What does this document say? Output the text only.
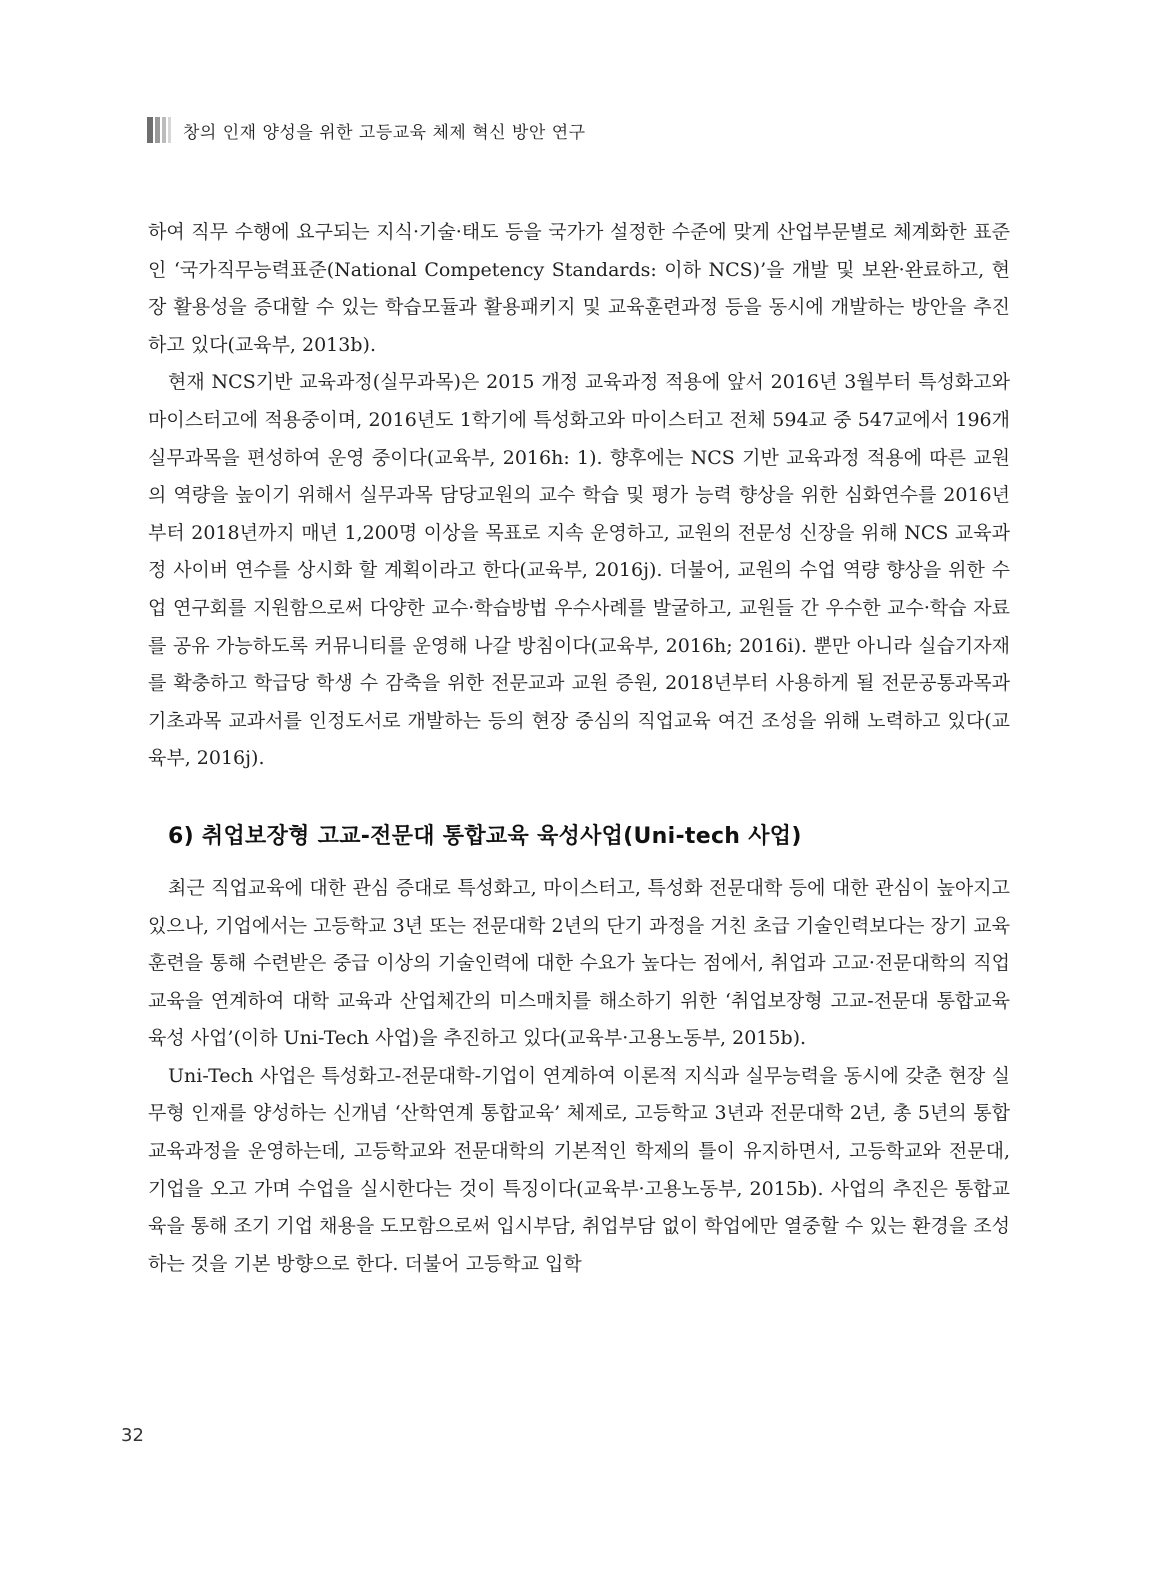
창의 인재 양성을 위한 고등교육 체제 혁신 방안 연구

하여 직무 수행에 요구되는 지식·기술·태도 등을 국가가 설정한 수준에 맞게 산업부문별로 체계화한 표준인 ‘국가직무능력표준(National Competency Standards: 이하 NCS)’을 개발 및 보완·완료하고, 현장 활용성을 증대할 수 있는 학습모듈과 활용패키지 및 교육훈련과정 등을 동시에 개발하는 방안을 추진하고 있다(교육부, 2013b).

현재 NCS기반 교육과정(실무과목)은 2015 개정 교육과정 적용에 앞서 2016년 3월부터 특성화고와 마이스터고에 적용중이며, 2016년도 1학기에 특성화고와 마이스터고 전체 594교 중 547교에서 196개 실무과목을 편성하여 운영 중이다(교육부, 2016h: 1). 향후에는 NCS 기반 교육과정 적용에 따른 교원의 역량을 높이기 위해서 실무과목 담당교원의 교수 학습 및 평가 능력 향상을 위한 심화연수를 2016년부터 2018년까지 매년 1,200명 이상을 목표로 지속 운영하고, 교원의 전문성 신장을 위해 NCS 교육과정 사이버 연수를 상시화 할 계획이라고 한다(교육부, 2016j). 더불어, 교원의 수업 역량 향상을 위한 수업 연구회를 지원함으로써 다양한 교수·학습방법 우수사례를 발굴하고, 교원들 간 우수한 교수·학습 자료를 공유 가능하도록 커뮤니티를 운영해 나갈 방침이다(교육부, 2016h; 2016i). 뿐만 아니라 실습기자재를 확충하고 학급당 학생 수 감축을 위한 전문교과 교원 증원, 2018년부터 사용하게 될 전문공통과목과 기초과목 교과서를 인정도서로 개발하는 등의 현장 중심의 직업교육 여건 조성을 위해 노력하고 있다(교육부, 2016j).

6) 취업보장형 고교-전문대 통합교육 육성사업(Uni-tech 사업)

최근 직업교육에 대한 관심 증대로 특성화고, 마이스터고, 특성화 전문대학 등에 대한 관심이 높아지고 있으나, 기업에서는 고등학교 3년 또는 전문대학 2년의 단기 과정을 거친 초급 기술인력보다는 장기 교육훈련을 통해 수련받은 중급 이상의 기술인력에 대한 수요가 높다는 점에서, 취업과 고교·전문대학의 직업교육을 연계하여 대학 교육과 산업체간의 미스매치를 해소하기 위한 ‘취업보장형 고교-전문대 통합교육 육성 사업’(이하 Uni-Tech 사업)을 추진하고 있다(교육부·고용노동부, 2015b).

Uni-Tech 사업은 특성화고-전문대학-기업이 연계하여 이론적 지식과 실무능력을 동시에 갖춘 현장 실무형 인재를 양성하는 신개념 ‘산학연계 통합교육’ 체제로, 고등학교 3년과 전문대학 2년, 총 5년의 통합교육과정을 운영하는데, 고등학교와 전문대학의 기본적인 학제의 틀이 유지하면서, 고등학교와 전문대, 기업을 오고 가며 수업을 실시한다는 것이 특징이다(교육부·고용노동부, 2015b). 사업의 추진은 통합교육을 통해 조기 기업 채용을 도모함으로써 입시부담, 취업부담 없이 학업에만 열중할 수 있는 환경을 조성하는 것을 기본 방향으로 한다. 더불어 고등학교 입학

32
